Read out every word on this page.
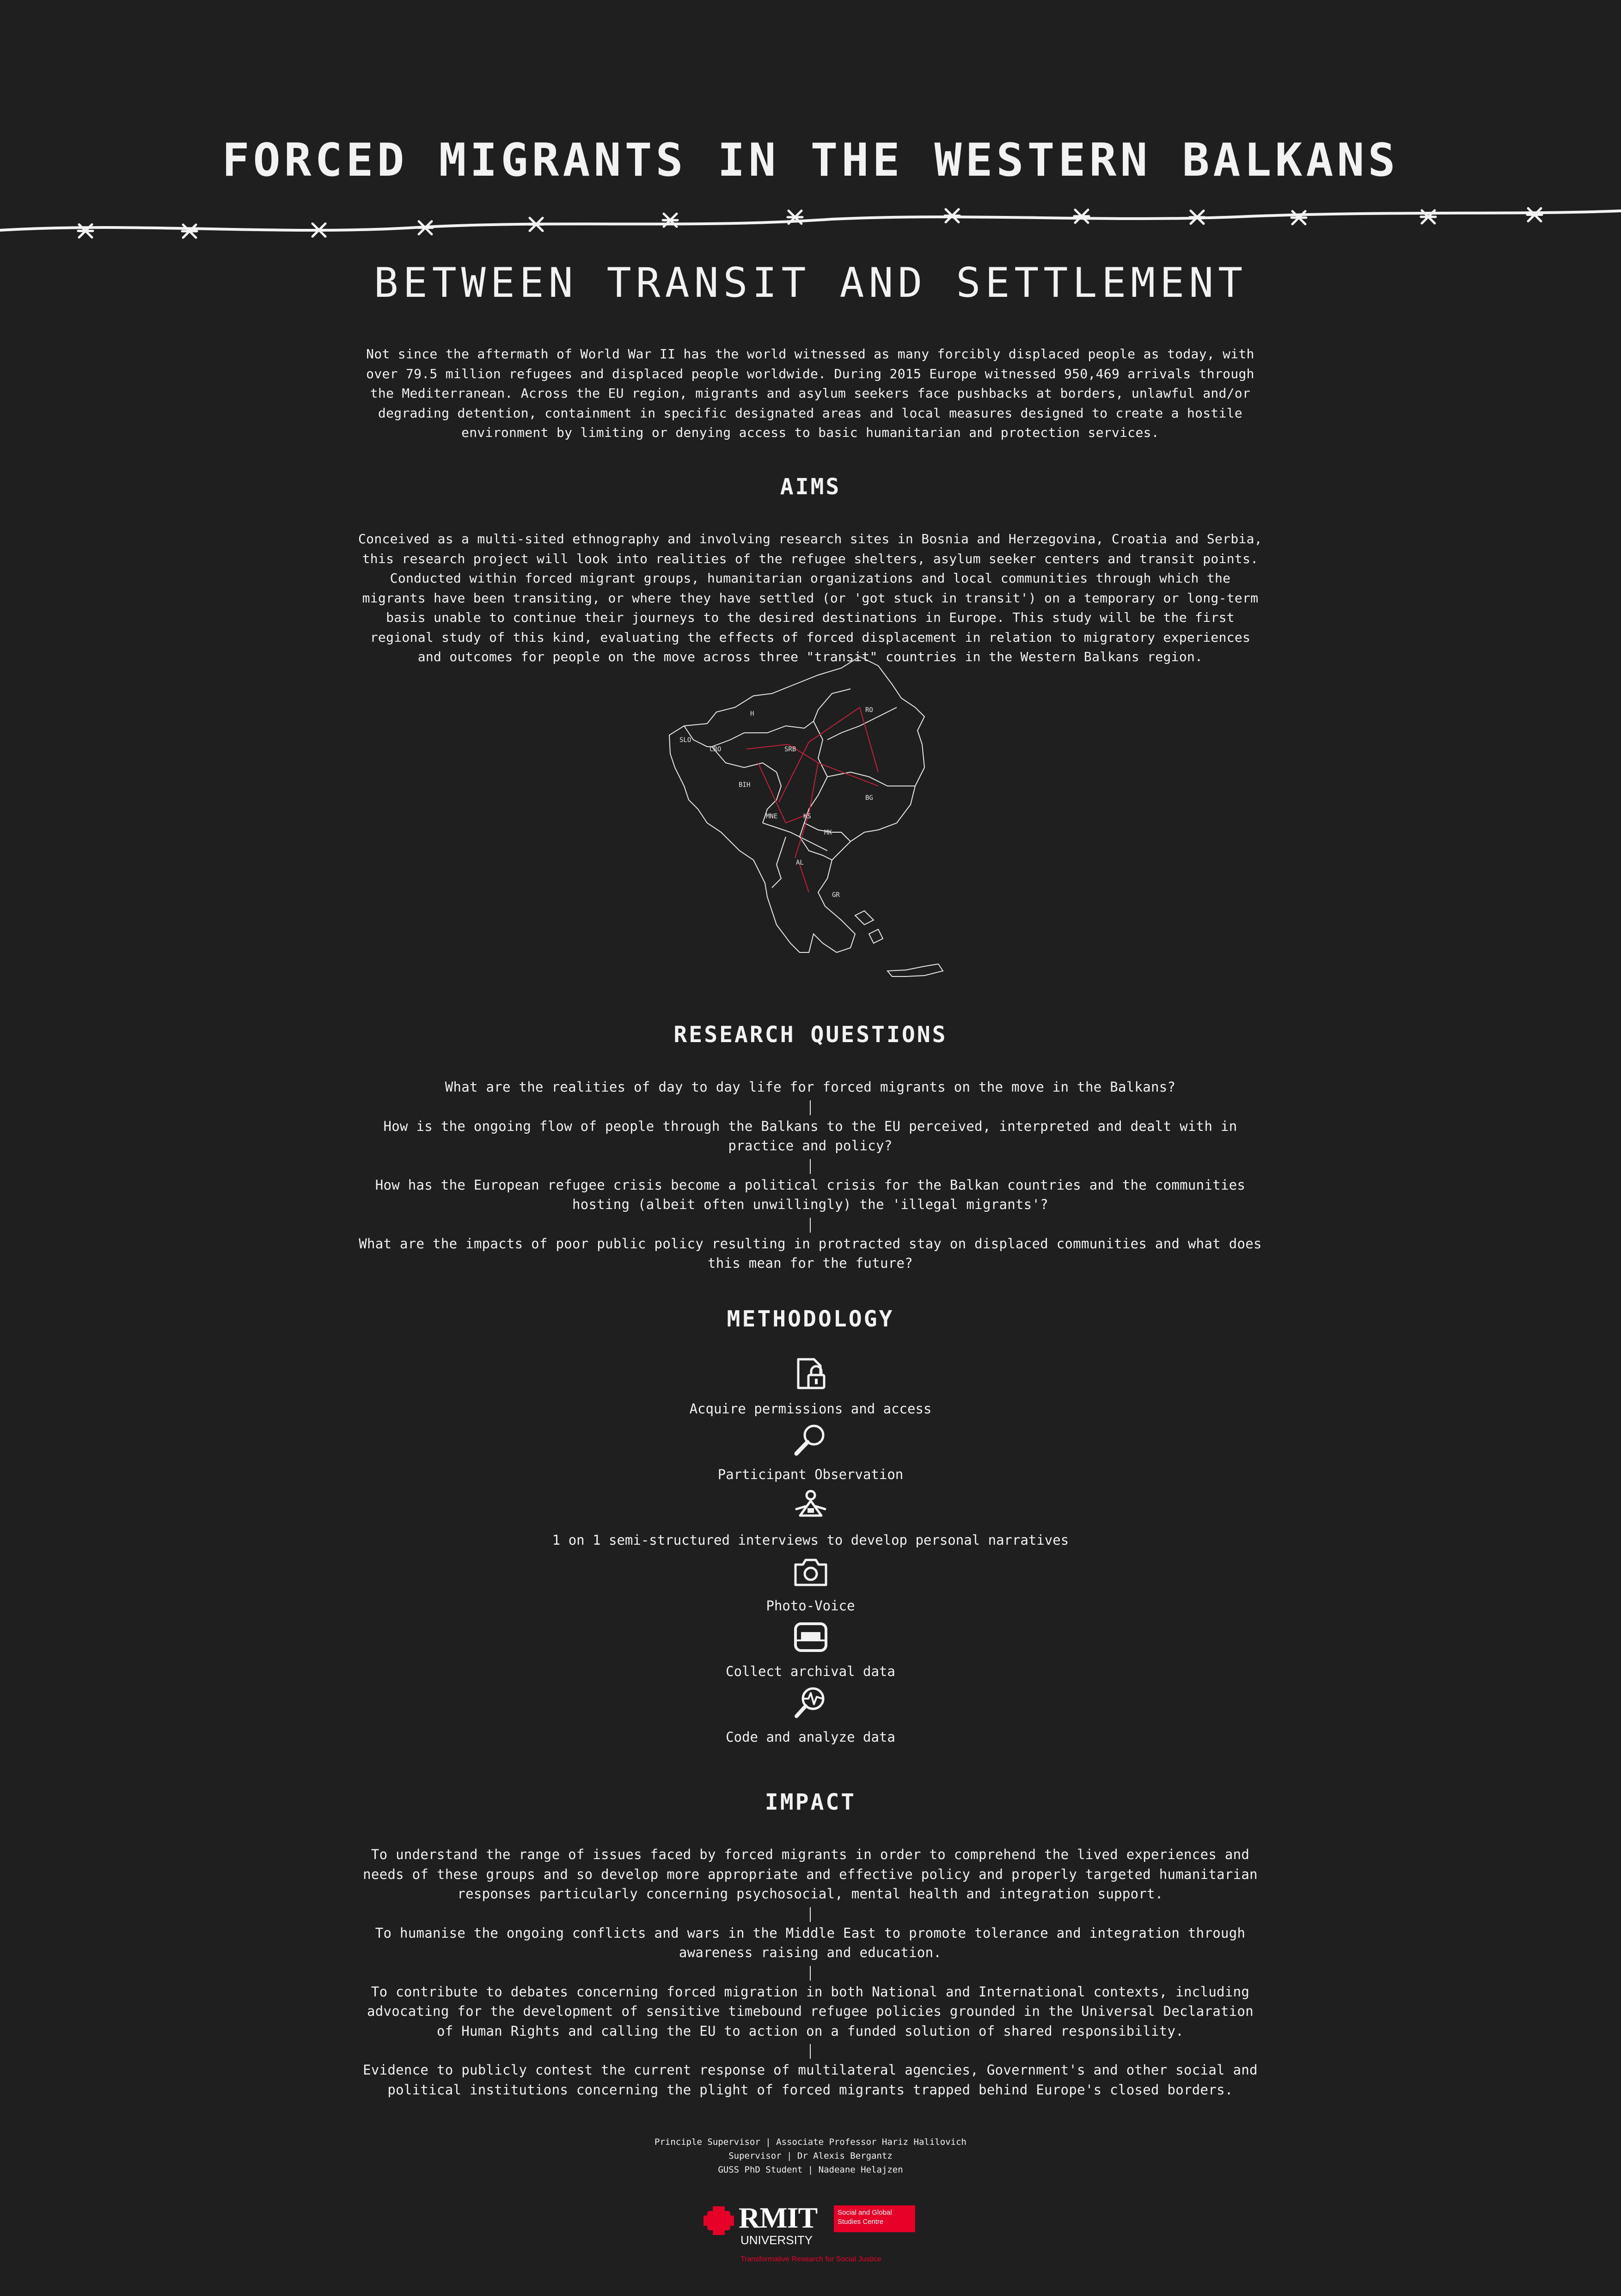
FORCED MIGRANTS IN THE WESTERN BALKANS
BETWEEN TRANSIT AND SETTLEMENT
Not since the aftermath of World War II has the world witnessed as many forcibly displaced people as today, with over 79.5 million refugees and displaced people worldwide. During 2015 Europe witnessed 950,469 arrivals through the Mediterranean. Across the EU region, migrants and asylum seekers face pushbacks at borders, unlawful and/or degrading detention, containment in specific designated areas and local measures designed to create a hostile environment by limiting or denying access to basic humanitarian and protection services.
AIMS
Conceived as a multi-sited ethnography and involving research sites in Bosnia and Herzegovina, Croatia and Serbia, this research project will look into realities of the refugee shelters, asylum seeker centers and transit points. Conducted within forced migrant groups, humanitarian organizations and local communities through which the migrants have been transiting, or where they have settled (or 'got stuck in transit') on a temporary or long-term basis unable to continue their journeys to the desired destinations in Europe. This study will be the first regional study of this kind, evaluating the effects of forced displacement in relation to migratory experiences and outcomes for people on the move across three "transit" countries in the Western Balkans region.
H	RO
SLO
CRO	SRB
BIH
BG
MNE	KS
MK
AL
GR
RESEARCH QUESTIONS
What are the realities of day to day life for forced migrants on the move in the Balkans?
How is the ongoing flow of people through the Balkans to the EU perceived, interpreted and dealt with in practice and policy?
How has the European refugee crisis become a political crisis for the Balkan countries and the communities hosting (albeit often unwillingly) the 'illegal migrants'?
What are the impacts of poor public policy resulting in protracted stay on displaced communities and what does this mean for the future?
METHODOLOGY
Acquire permissions and access
Participant Observation
1 on 1 semi-structured interviews to develop personal narratives
Photo-Voice
Collect archival data
Code and analyze data
IMPACT
To understand the range of issues faced by forced migrants in order to comprehend the lived experiences and needs of these groups and so develop more appropriate and effective policy and properly targeted humanitarian responses particularly concerning psychosocial, mental health and integration support.
To humanise the ongoing conflicts and wars in the Middle East to promote tolerance and integration through awareness raising and education.
To contribute to debates concerning forced migration in both National and International contexts, including advocating for the development of sensitive timebound refugee policies grounded in the Universal Declaration of Human Rights and calling the EU to action on a funded solution of shared responsibility.
Evidence to publicly contest the current response of multilateral agencies, Government's and other social and political institutions concerning the plight of forced migrants trapped behind Europe's closed borders.
Principle Supervisor | Associate Professor Hariz Halilovich
Supervisor | Dr Alexis Bergantz
GUSS PhD Student | Nadeane Helajzen
RMIT
UNIVERSITY
Social and Global
Studies Centre
Transformative Research for Social Justice
